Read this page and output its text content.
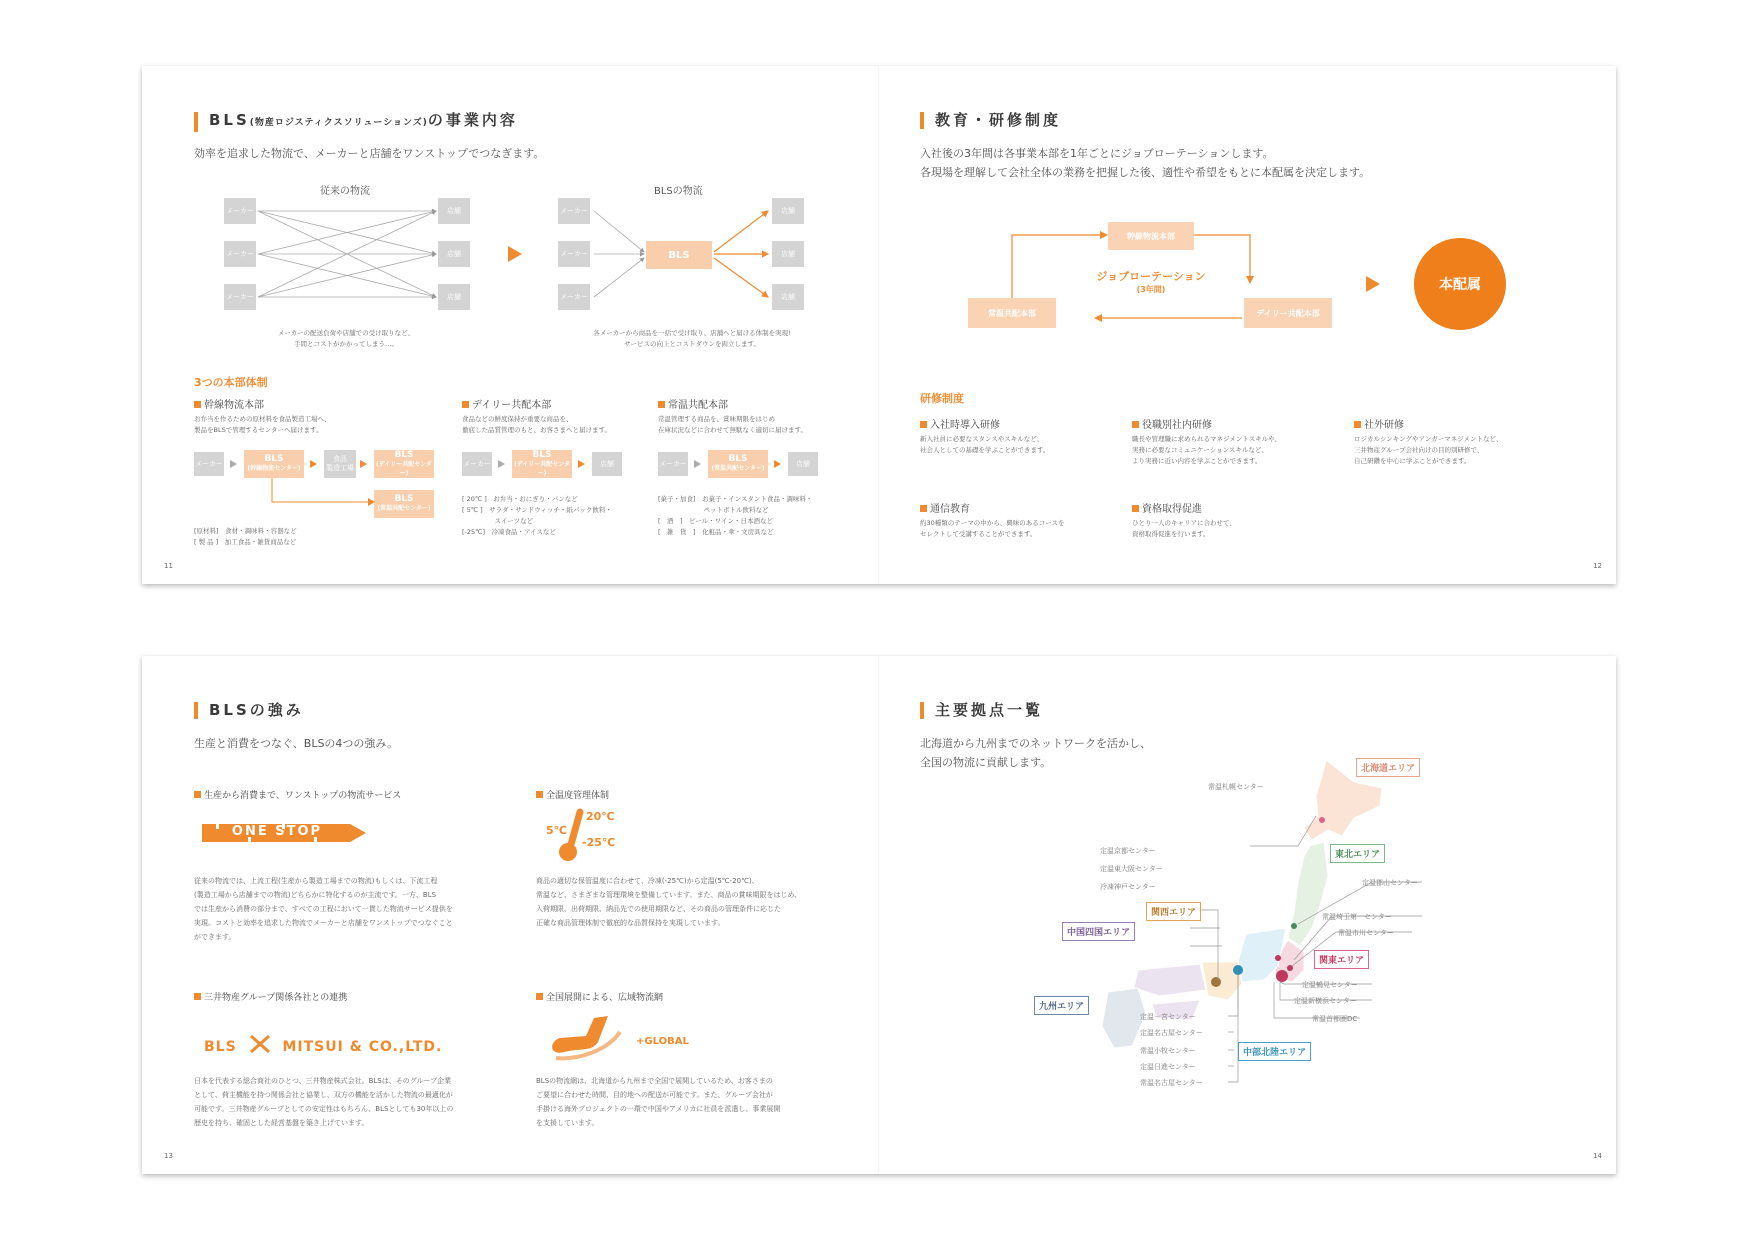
BLS(物産ロジスティクスソリューションズ)の事業内容
効率を追求した物流で、メーカーと店舗をワンストップでつなぎます。
従来の物流	BLSの物流
メーカー
メーカー
メーカー
店舗
店舗
店舗
メーカー
メーカー
メーカー
BLS
店舗
店舗
店舗
メーカーの配送負荷や店舗での受け取りなど、
手間とコストがかかってしまう…。
各メーカーから商品を一括で受け取り、店舗へと届ける体制を実現!
サービスの向上とコストダウンを両立します。
3つの本部体制
幹線物流本部
お弁当を作るための原材料を食品製造工場へ、
製品をBLSで管理するセンターへ届けます。
メーカー	BLS
(幹線物流センター)
食品
製造工場
BLS
(デイリー共配センター)
BLS
(常温共配センター)
[原材料]　食材・調味料・容器など
[ 製 品 ]　加工食品・雑貨商品など
デイリー共配本部
食品などの鮮度保持が重要な商品を、
徹底した品質管理のもと、お客さまへと届けます。
メーカー
BLS
(デイリー共配センター)
店舗
[ 20℃ ]　お弁当・おにぎり・パンなど
[ 5℃ ]　サラダ・サンドウィッチ・紙パック飲料・
　　　　　スイーツなど
[-25℃]　冷凍食品・アイスなど
常温共配本部
常温管理する商品を、賞味期限をはじめ
在庫状況などに合わせて無駄なく適切に届けます。
メーカー	BLS
(常温共配センター)
店舗
[菓子・加食]　お菓子・インスタント食品・調味料・
　　　　　　　ペットボトル飲料など
[　酒　]　ビール・ワイン・日本酒など
[　雑　貨　]　化粧品・傘・文房具など
11
教育・研修制度
入社後の3年間は各事業本部を1年ごとにジョブローテーションします。
各現場を理解して会社全体の業務を把握した後、適性や希望をもとに本配属を決定します。
幹線物流本部
常温共配本部	デイリー共配本部
ジョブローテーション
(3年間)	本配属
研修制度
入社時導入研修
新入社員に必要なスタンスやスキルなど、
社会人としての基礎を学ぶことができます。
役職別社内研修
職長や管理職に求められるマネジメントスキルや、
実務に必要なコミュニケーションスキルなど、
より実務に近い内容を学ぶことができます。
社外研修
ロジカルシンキングやアンガーマネジメントなど、
三井物産グループ会社向けの目的別研修で、
自己研鑽を中心に学ぶことができます。
通信教育
約30種類のテーマの中から、興味のあるコースを
セレクトして受講することができます。
資格取得促進
ひとり一人のキャリアに合わせて、
資格取得促進を行います。
12
BLSの強み
生産と消費をつなぐ、BLSの4つの強み。
生産から消費まで、ワンストップの物流サービス
ONE STOP
従来の物流では、上流工程(生産から製造工場までの物流)もしくは、下流工程
(製造工場から店舗までの物流)どちらかに特化するのが主流です。一方、BLS
では生産から消費の部分まで、すべての工程において一貫した物流サービス提供を
実現。コストと効率を追求した物流でメーカーと店舗をワンストップでつなぐこと
ができます。
全温度管理体制
5℃
20℃
-25℃
商品の適切な保管温度に合わせて、冷凍(-25℃)から定温(5℃-20℃)、
常温など、さまざまな管理環境を整備しています。また、商品の賞味期限をはじめ、
入荷期限、出荷期限、納品先での使用期限など、その商品の管理条件に応じた
正確な商品管理体制で徹底的な品質保持を実現しています。
三井物産グループ関係各社との連携
BLS	MITSUI & CO.,LTD.
日本を代表する総合商社のひとつ、三井物産株式会社。BLSは、そのグループ企業
として、荷主機能を持つ関係会社と協業し、双方の機能を活かした物流の最適化が
可能です。三井物産グループとしての安定性はもちろん、BLSとしても30年以上の
歴史を持ち、確固とした経営基盤を築き上げています。
全国展開による、広域物流網
+GLOBAL
BLSの物流網は、北海道から九州まで全国で展開しているため、お客さまの
ご要望に合わせた時間、目的地への配送が可能です。また、グループ会社が
手掛ける海外プロジェクトの一環で中国やアメリカに社員を派遣し、事業展開
を支援しています。
13
主要拠点一覧
北海道から九州までのネットワークを活かし、
全国の物流に貢献します。	北海道エリア
東北エリア
関西エリア
中国四国エリア
関東エリア
九州エリア
中部北陸エリア
常温札幌センター
定温京都センター
定温東大阪センター
冷凍神戸センター	定温郡山センター
常温埼玉第一センター
常温市川センター
定温鶴見センター
定温新横浜センター
常温首都圏DC
定温一宮センター
定温名古屋センター
常温小牧センター
定温日進センター
常温名古屋センター
14
